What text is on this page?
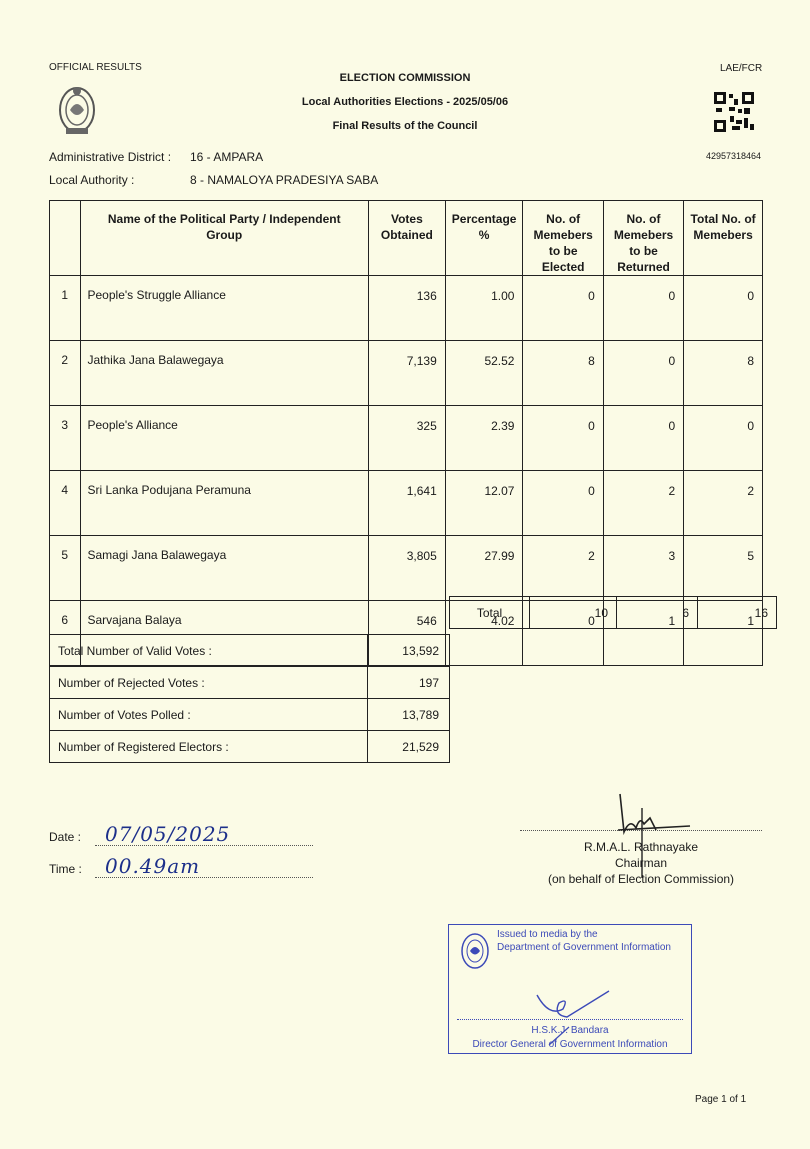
OFFICIAL RESULTS	LAE/FCR
ELECTION COMMISSION
Local Authorities Elections - 2025/05/06
Final Results of the Council
42957318464
Administrative District : 16 - AMPARA
Local Authority :	8 - NAMALOYA PRADESIYA SABA
	Name of the Political Party / Independent Group	Votes Obtained	Percentage %	No. of Memebers to be Elected	No. of Memebers to be Returned	Total No. of Memebers
1	People's Struggle Alliance	136	1.00	0	0	0
2	Jathika Jana Balawegaya	7,139	52.52	8	0	8
3	People's Alliance	325	2.39	0	0	0
4	Sri Lanka Podujana Peramuna	1,641	12.07	0	2	2
5	Samagi Jana Balawegaya	3,805	27.99	2	3	5
6	Sarvajana Balaya	546	4.02	0	1	1
Total	10	6	16
Total Number of Valid Votes :	13,592
Number of Rejected Votes :	197
Number of Votes Polled :	13,789
Number of Registered Electors :	21,529
Date : 07/05/2025
Time : 00.49am
R.M.A.L. Rathnayake
Chairman
(on behalf of Election Commission)
Issued to media by the
Department of Government Information
H.S.K.J. Bandara
Director General of Government Information
Page 1 of 1
